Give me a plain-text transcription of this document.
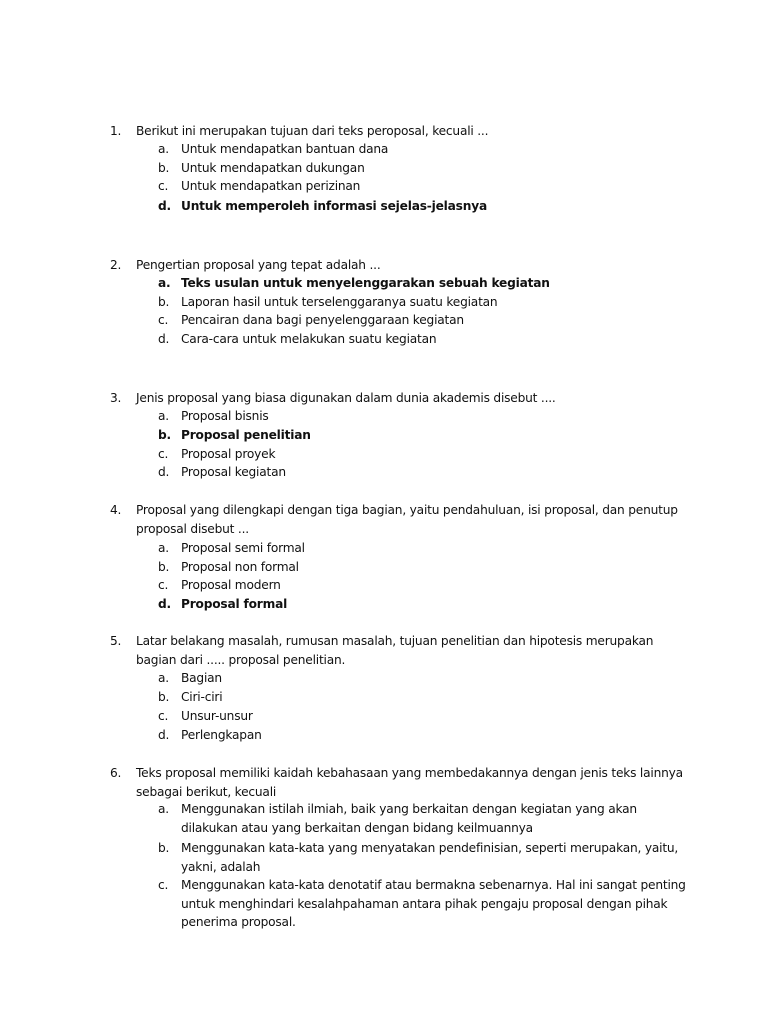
1. Berikut ini merupakan tujuan dari teks peroposal, kecuali ...
a. Untuk mendapatkan bantuan dana
b. Untuk mendapatkan dukungan
c. Untuk mendapatkan perizinan
d. Untuk memperoleh informasi sejelas-jelasnya
2. Pengertian proposal yang tepat adalah ...
a. Teks usulan untuk menyelenggarakan sebuah kegiatan
b. Laporan hasil untuk terselenggaranya suatu kegiatan
c. Pencairan dana bagi penyelenggaraan kegiatan
d. Cara-cara untuk melakukan suatu kegiatan
3. Jenis proposal yang biasa digunakan dalam dunia akademis disebut ....
a. Proposal bisnis
b. Proposal penelitian
c. Proposal proyek
d. Proposal kegiatan
4. Proposal yang dilengkapi dengan tiga bagian, yaitu pendahuluan, isi proposal, dan penutup proposal disebut ...
a. Proposal semi formal
b. Proposal non formal
c. Proposal modern
d. Proposal formal
5. Latar belakang masalah, rumusan masalah, tujuan penelitian dan hipotesis merupakan bagian dari ..... proposal penelitian.
a. Bagian
b. Ciri-ciri
c. Unsur-unsur
d. Perlengkapan
6. Teks proposal memiliki kaidah kebahasaan yang membedakannya dengan jenis teks lainnya sebagai berikut, kecuali
a. Menggunakan istilah ilmiah, baik yang berkaitan dengan kegiatan yang akan dilakukan atau yang berkaitan dengan bidang keilmuannya
b. Menggunakan kata-kata yang menyatakan pendefinisian, seperti merupakan, yaitu, yakni, adalah
c. Menggunakan kata-kata denotatif atau bermakna sebenarnya. Hal ini sangat penting untuk menghindari kesalahpahaman antara pihak pengaju proposal dengan pihak penerima proposal.
